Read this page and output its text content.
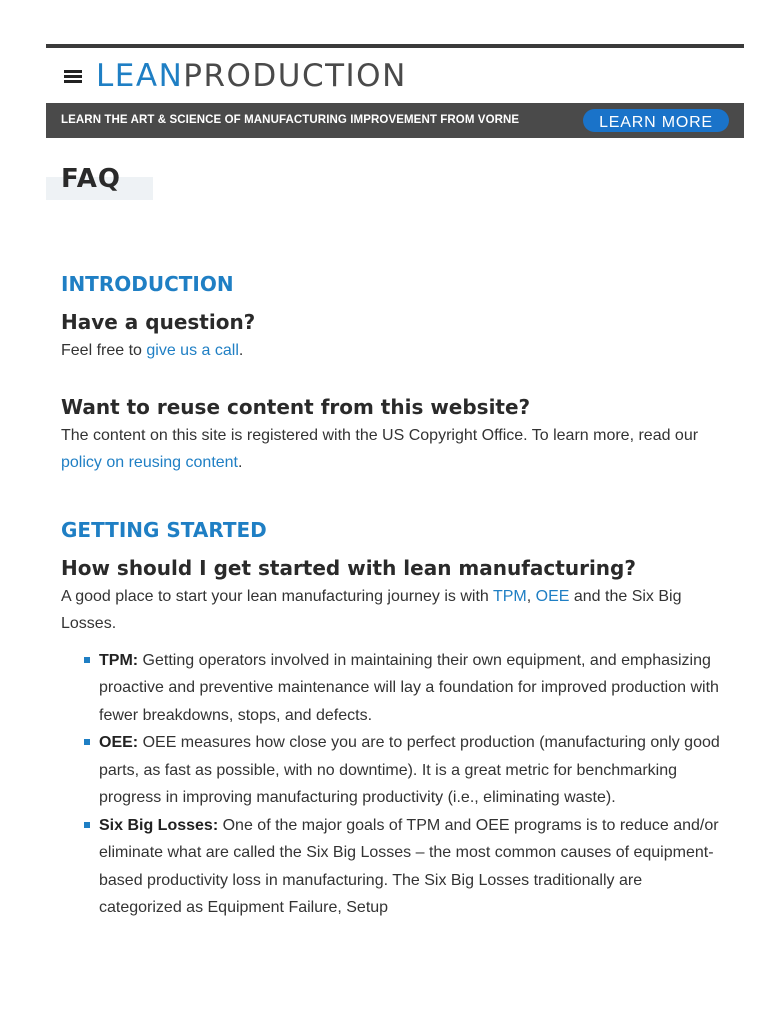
LEANPRODUCTION
LEARN THE ART & SCIENCE OF MANUFACTURING IMPROVEMENT FROM VORNE	LEARN MORE
FAQ
INTRODUCTION
Have a question?

Feel free to give us a call.

Want to reuse content from this website?

The content on this site is registered with the US Copyright Office. To learn more, read our policy on reusing content.

GETTING STARTED
How should I get started with lean manufacturing?

A good place to start your lean manufacturing journey is with TPM, OEE and the Six Big Losses.

TPM: Getting operators involved in maintaining their own equipment, and emphasizing proactive and preventive maintenance will lay a foundation for improved production with fewer breakdowns, stops, and defects.
OEE: OEE measures how close you are to perfect production (manufacturing only good parts, as fast as possible, with no downtime). It is a great metric for benchmarking progress in improving manufacturing productivity (i.e., eliminating waste).
Six Big Losses: One of the major goals of TPM and OEE programs is to reduce and/or eliminate what are called the Six Big Losses – the most common causes of equipment-based productivity loss in manufacturing. The Six Big Losses traditionally are categorized as Equipment Failure, Setup
